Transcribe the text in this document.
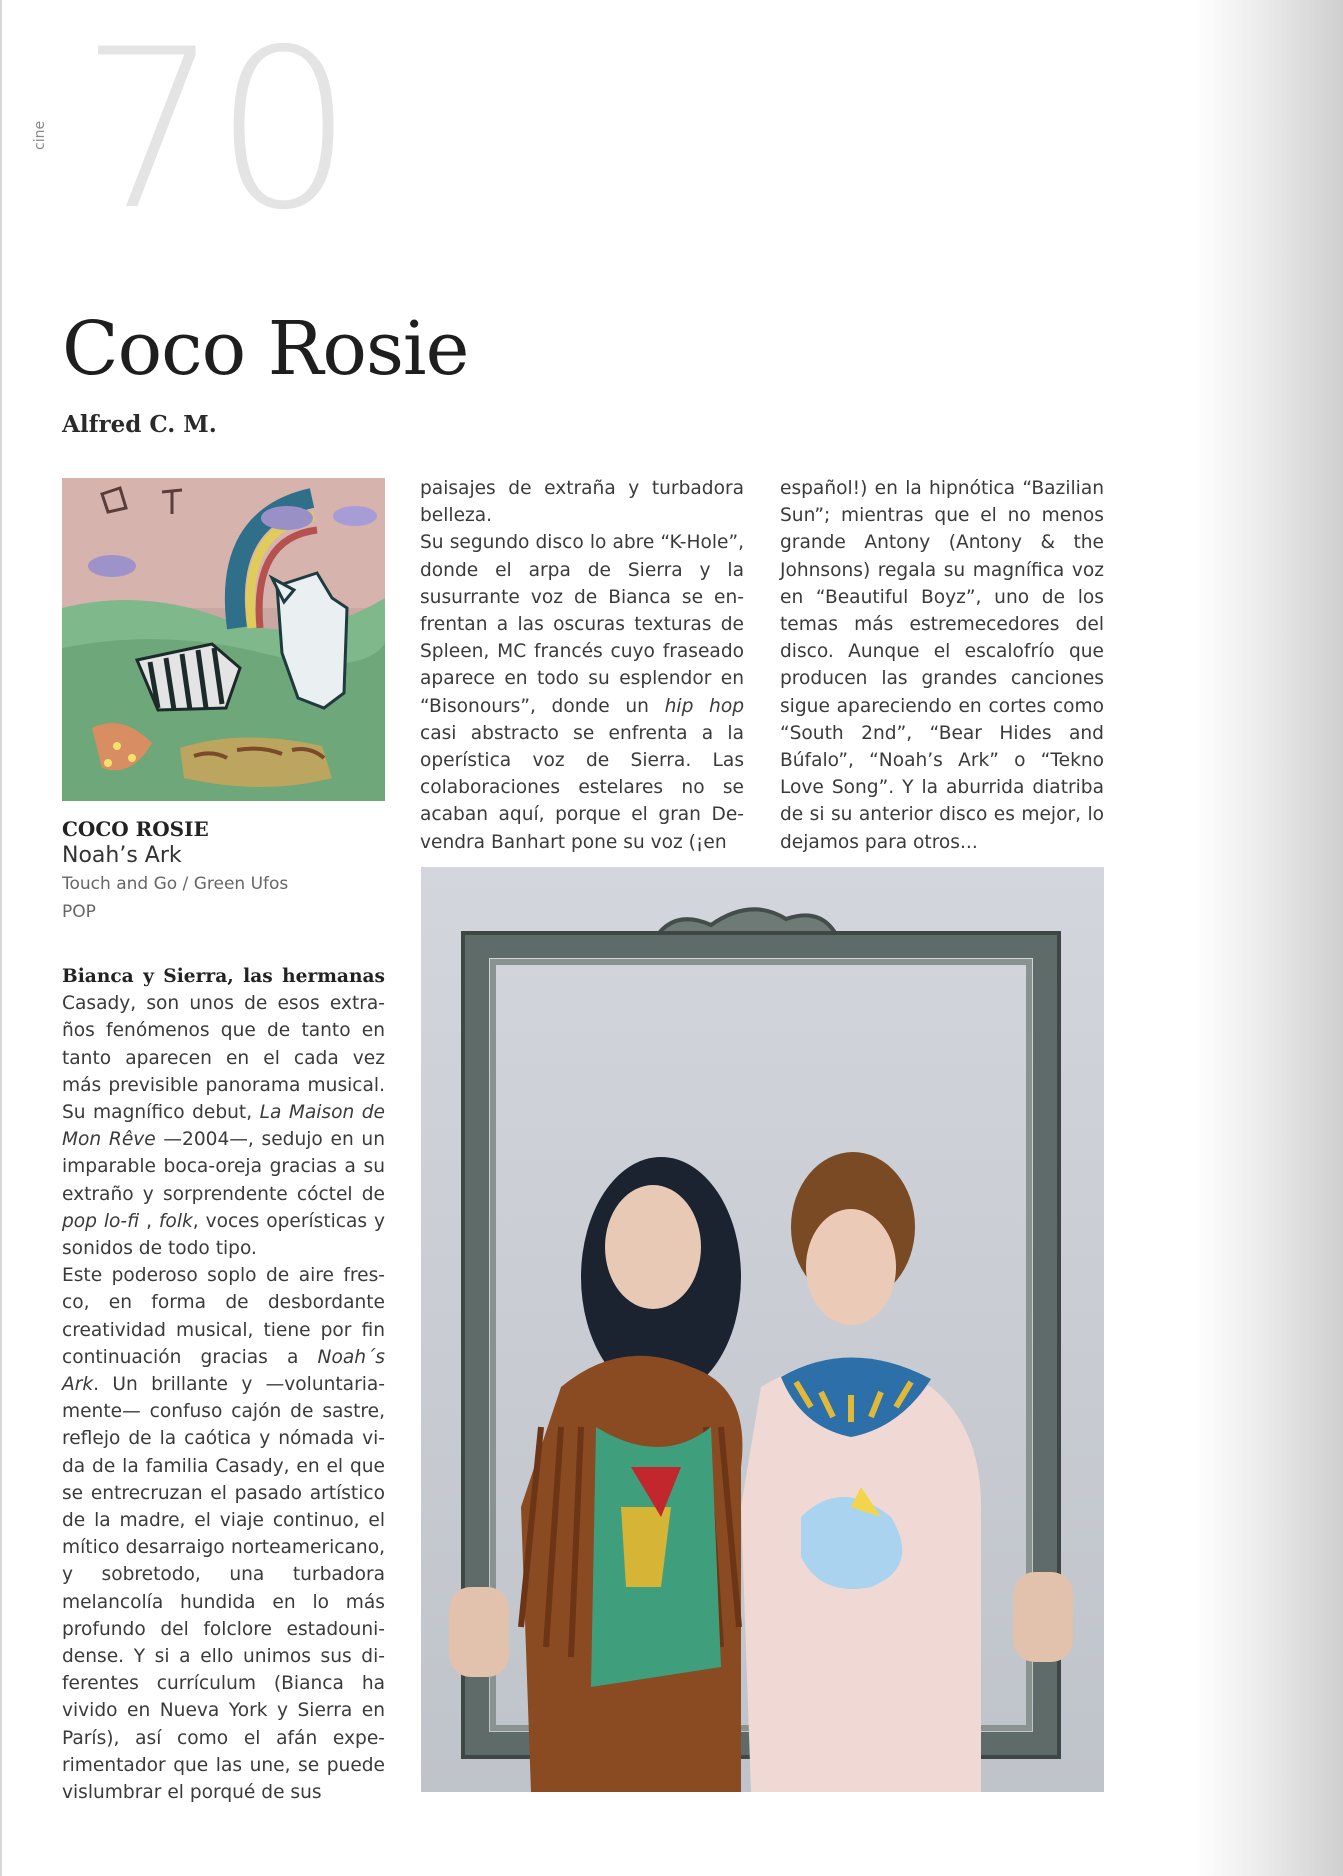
cine 70
Coco Rosie
Alfred C. M.
COCO ROSIE
Noah’s Ark
Touch and Go / Green Ufos
POP

Bianca y Sierra, las hermanas Casady, son unos de esos extraños fenómenos que de tanto en tanto aparecen en el cada vez más previsible panorama musical. Su magnífico debut, La Maison de Mon Rêve —2004—, sedujo en un imparable boca-oreja gracias a su extraño y sorprendente cóctel de pop lo-fi , folk, voces operísticas y sonidos de todo tipo.

Este poderoso soplo de aire fresco, en forma de desbordante creatividad musical, tiene por fin continuación gracias a Noah´s Ark. Un brillante y —voluntariamente— confuso cajón de sastre, reflejo de la caótica y nómada vida de la familia Casady, en el que se entrecruzan el pasado artístico de la madre, el viaje continuo, el mítico desarraigo norteamericano, y sobretodo, una turbadora melancolía hundida en lo más profundo del folclore estadounidense. Y si a ello unimos sus diferentes currículum (Bianca ha vivido en Nueva York y Sierra en París), así como el afán experimentador que las une, se puede vislumbrar el porqué de sus

paisajes de extraña y turbadora belleza.

Su segundo disco lo abre “K-Hole”, donde el arpa de Sierra y la susurrante voz de Bianca se enfrentan a las oscuras texturas de Spleen, MC francés cuyo fraseado aparece en todo su esplendor en “Bisonours”, donde un hip hop casi abstracto se enfrenta a la operística voz de Sierra. Las colaboraciones estelares no se acaban aquí, porque el gran Devendra Banhart pone su voz (¡en

español!) en la hipnótica “Bazilian Sun”; mientras que el no menos grande Antony (Antony & the Johnsons) regala su magnífica voz en “Beautiful Boyz”, uno de los temas más estremecedores del disco. Aunque el escalofrío que producen las grandes canciones sigue apareciendo en cortes como “South 2nd”, “Bear Hides and Búfalo”, “Noah’s Ark” o “Tekno Love Song”. Y la aburrida diatriba de si su anterior disco es mejor, lo dejamos para otros...
